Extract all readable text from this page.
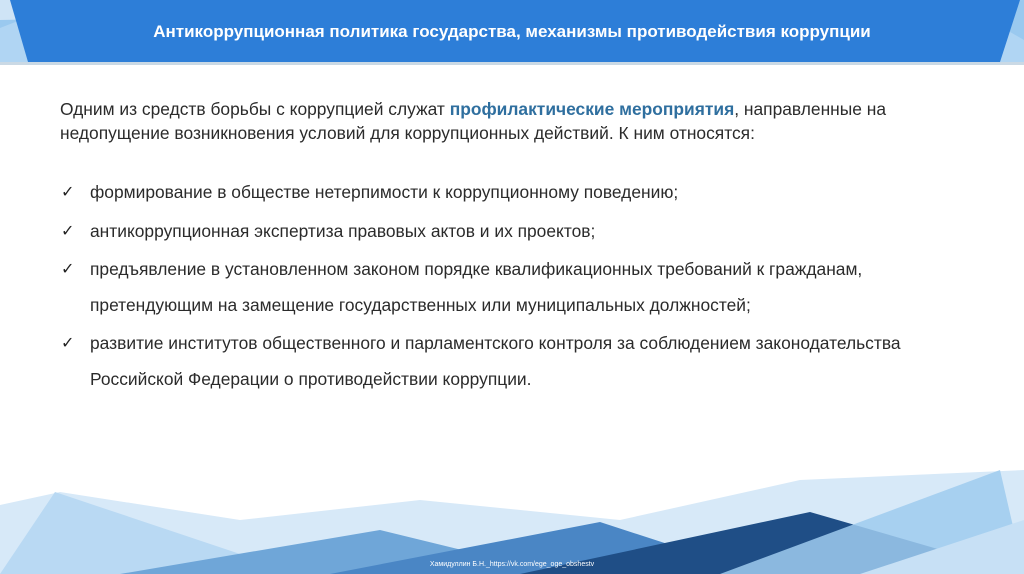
Антикоррупционная политика государства, механизмы противодействия коррупции

Одним из средств борьбы с коррупцией служат профилактические мероприятия, направленные на недопущение возникновения условий для коррупционных действий. К ним относятся:

✓ формирование в обществе нетерпимости к коррупционному поведению;
✓ антикоррупционная экспертиза правовых актов и их проектов;
✓ предъявление в установленном законом порядке квалификационных требований к гражданам, претендующим на замещение государственных или муниципальных должностей;
✓ развитие институтов общественного и парламентского контроля за соблюдением законодательства Российской Федерации о противодействии коррупции.
Хамидуллин Б.Н._https://vk.com/ege_oge_obshestv
